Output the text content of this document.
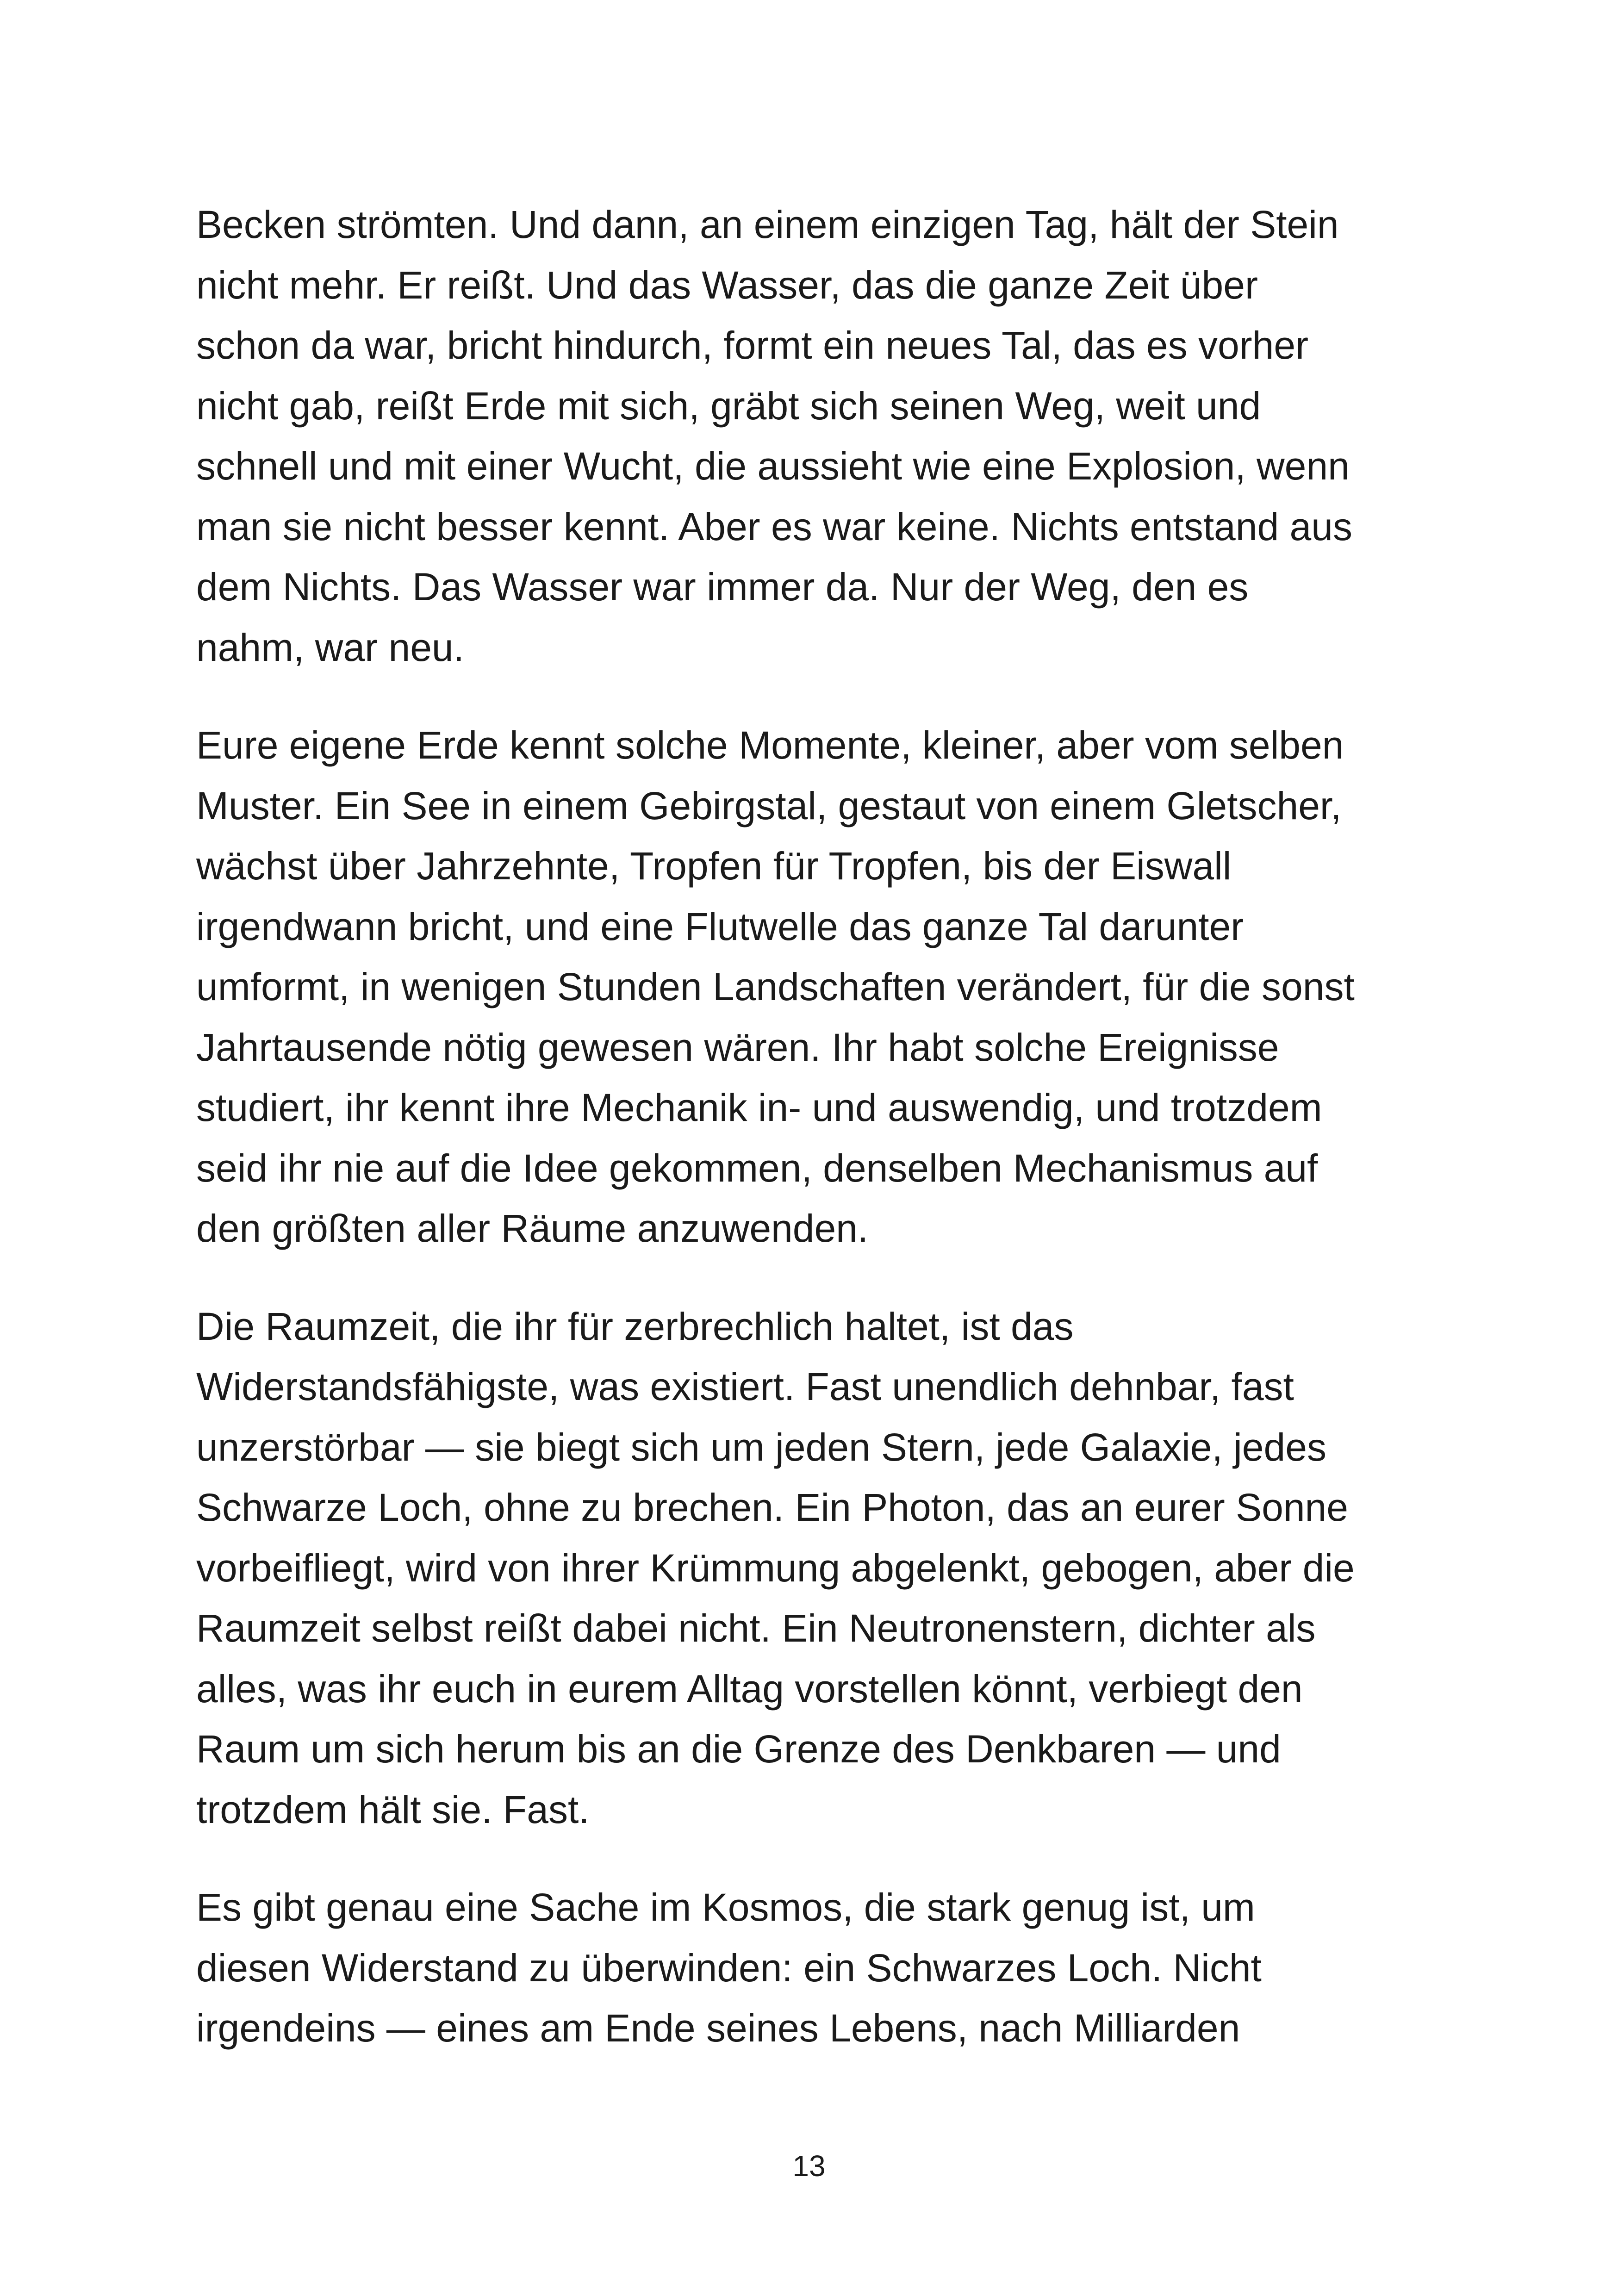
Becken strömten. Und dann, an einem einzigen Tag, hält der Stein
nicht mehr. Er reißt. Und das Wasser, das die ganze Zeit über
schon da war, bricht hindurch, formt ein neues Tal, das es vorher
nicht gab, reißt Erde mit sich, gräbt sich seinen Weg, weit und
schnell und mit einer Wucht, die aussieht wie eine Explosion, wenn
man sie nicht besser kennt. Aber es war keine. Nichts entstand aus
dem Nichts. Das Wasser war immer da. Nur der Weg, den es
nahm, war neu.

Eure eigene Erde kennt solche Momente, kleiner, aber vom selben
Muster. Ein See in einem Gebirgstal, gestaut von einem Gletscher,
wächst über Jahrzehnte, Tropfen für Tropfen, bis der Eiswall
irgendwann bricht, und eine Flutwelle das ganze Tal darunter
umformt, in wenigen Stunden Landschaften verändert, für die sonst
Jahrtausende nötig gewesen wären. Ihr habt solche Ereignisse
studiert, ihr kennt ihre Mechanik in- und auswendig, und trotzdem
seid ihr nie auf die Idee gekommen, denselben Mechanismus auf
den größten aller Räume anzuwenden.

Die Raumzeit, die ihr für zerbrechlich haltet, ist das
Widerstandsfähigste, was existiert. Fast unendlich dehnbar, fast
unzerstörbar — sie biegt sich um jeden Stern, jede Galaxie, jedes
Schwarze Loch, ohne zu brechen. Ein Photon, das an eurer Sonne
vorbeifliegt, wird von ihrer Krümmung abgelenkt, gebogen, aber die
Raumzeit selbst reißt dabei nicht. Ein Neutronenstern, dichter als
alles, was ihr euch in eurem Alltag vorstellen könnt, verbiegt den
Raum um sich herum bis an die Grenze des Denkbaren — und
trotzdem hält sie. Fast.

Es gibt genau eine Sache im Kosmos, die stark genug ist, um
diesen Widerstand zu überwinden: ein Schwarzes Loch. Nicht
irgendeins — eines am Ende seines Lebens, nach Milliarden

13
